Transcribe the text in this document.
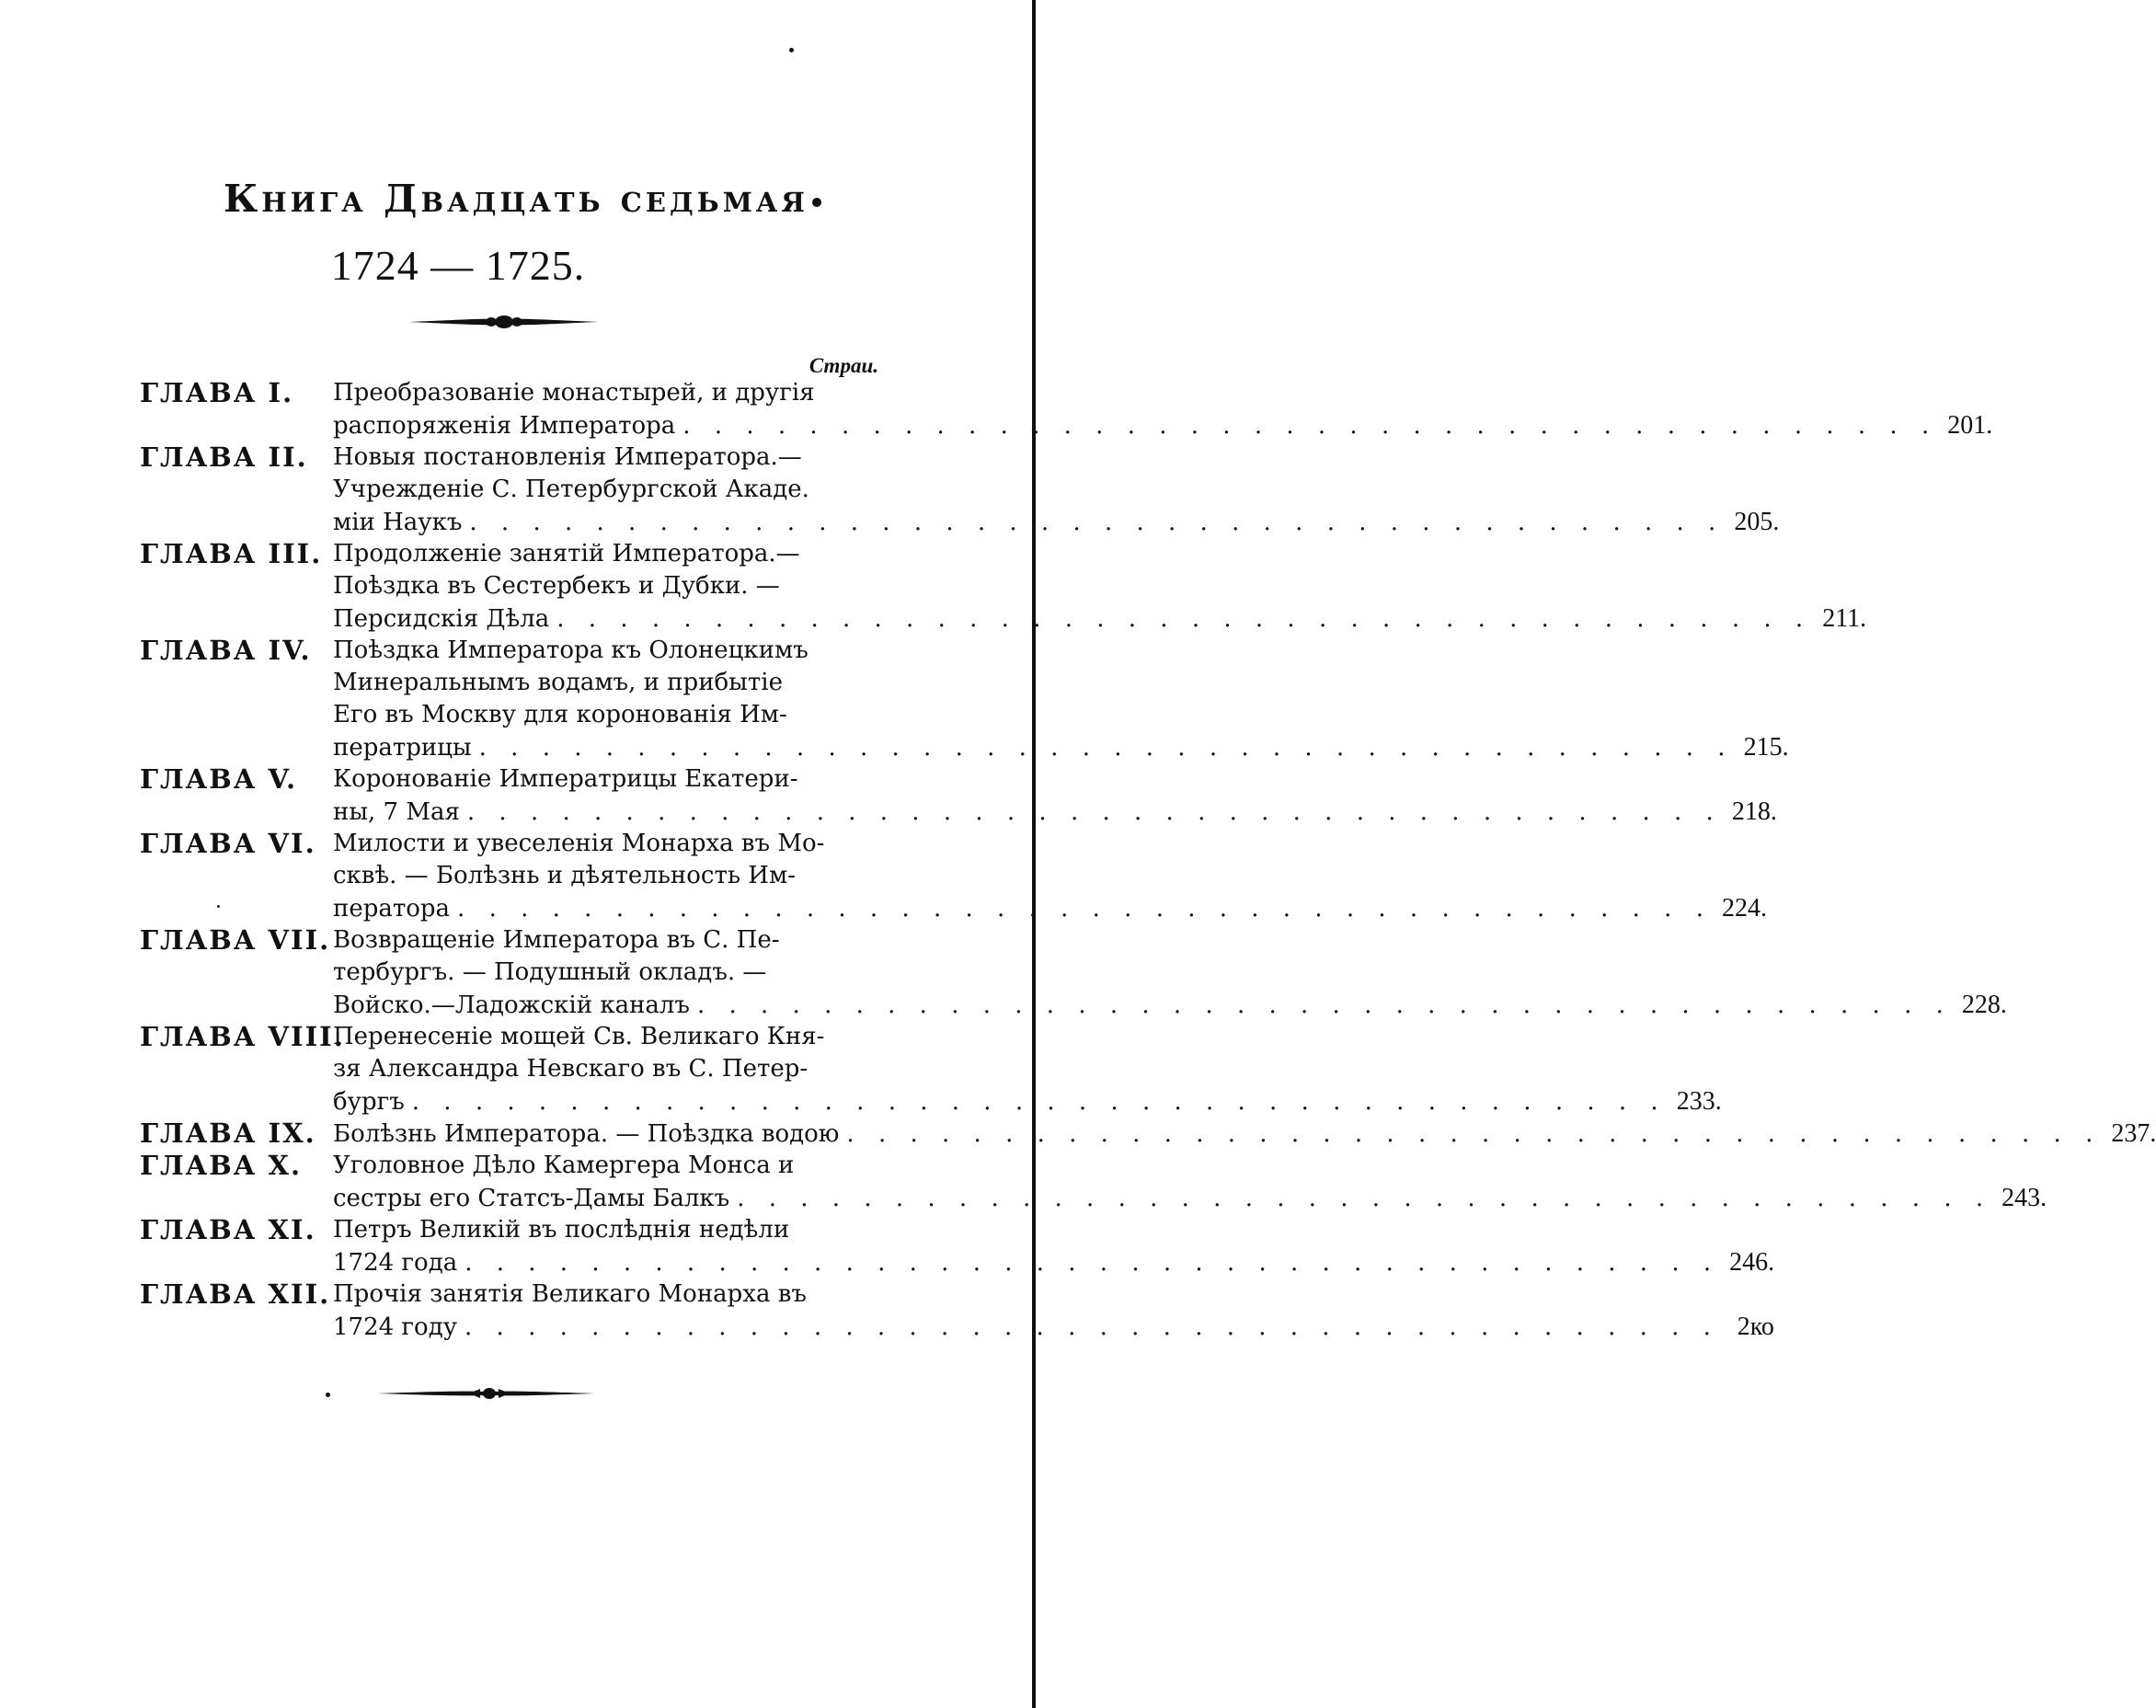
Книга Двадцать седьмая
1724 — 1725.
Страи.
ГЛАВА I.	Преобразованіе монастырей, и другія
распоряженія Императора . . .	201.
ГЛАВА II.	Новыя постановленія Императора.—
Учрежденіе С. Петербургской Акаде.
міи Наукъ . . .	205.
ГЛАВА III. Продолженіе занятій Императора.—
Поѣздка въ Сестербекъ и Дубки. —
Персидскія Дѣла . . .	211.
ГЛАВА IV. Поѣздка Императора къ Олонецкимъ
Минеральнымъ водамъ, и прибытіе
Его въ Москву для коронованія Им-
ператрицы . . .	215.
ГЛАВА V.	Коронованіе Императрицы Екатери-
ны, 7 Мая . . .	218.
ГЛАВА VI. Милости и увеселенія Монарха въ Мо-
сквѣ. — Болѣзнь и дѣятельность Им-
ператора . . .	224.
ГЛАВА VII. Возвращеніе Императора въ С. Пе-
тербургъ. — Подушный окладъ. —
Войско.—Ладожскій каналъ . . .	228.
ГЛАВА VIII.
Перенесеніе мощей Св. Великаго Кня-
зя Александра Невскаго въ С. Петер-
бургъ . . .	233.
ГЛАВА IX. Болѣзнь Императора. — Поѣздка водою . . .	237.
ГЛАВА X.	Уголовное Дѣло Камергера Монса и
сестры его Статсъ-Дамы Балкъ . . .	243.
ГЛАВА XI. Петръ Великій въ послѣднія недѣли
1724 года . . .	246.
ГЛАВА XII. Прочія занятія Великаго Монарха въ
1724 году . . .	2ко
